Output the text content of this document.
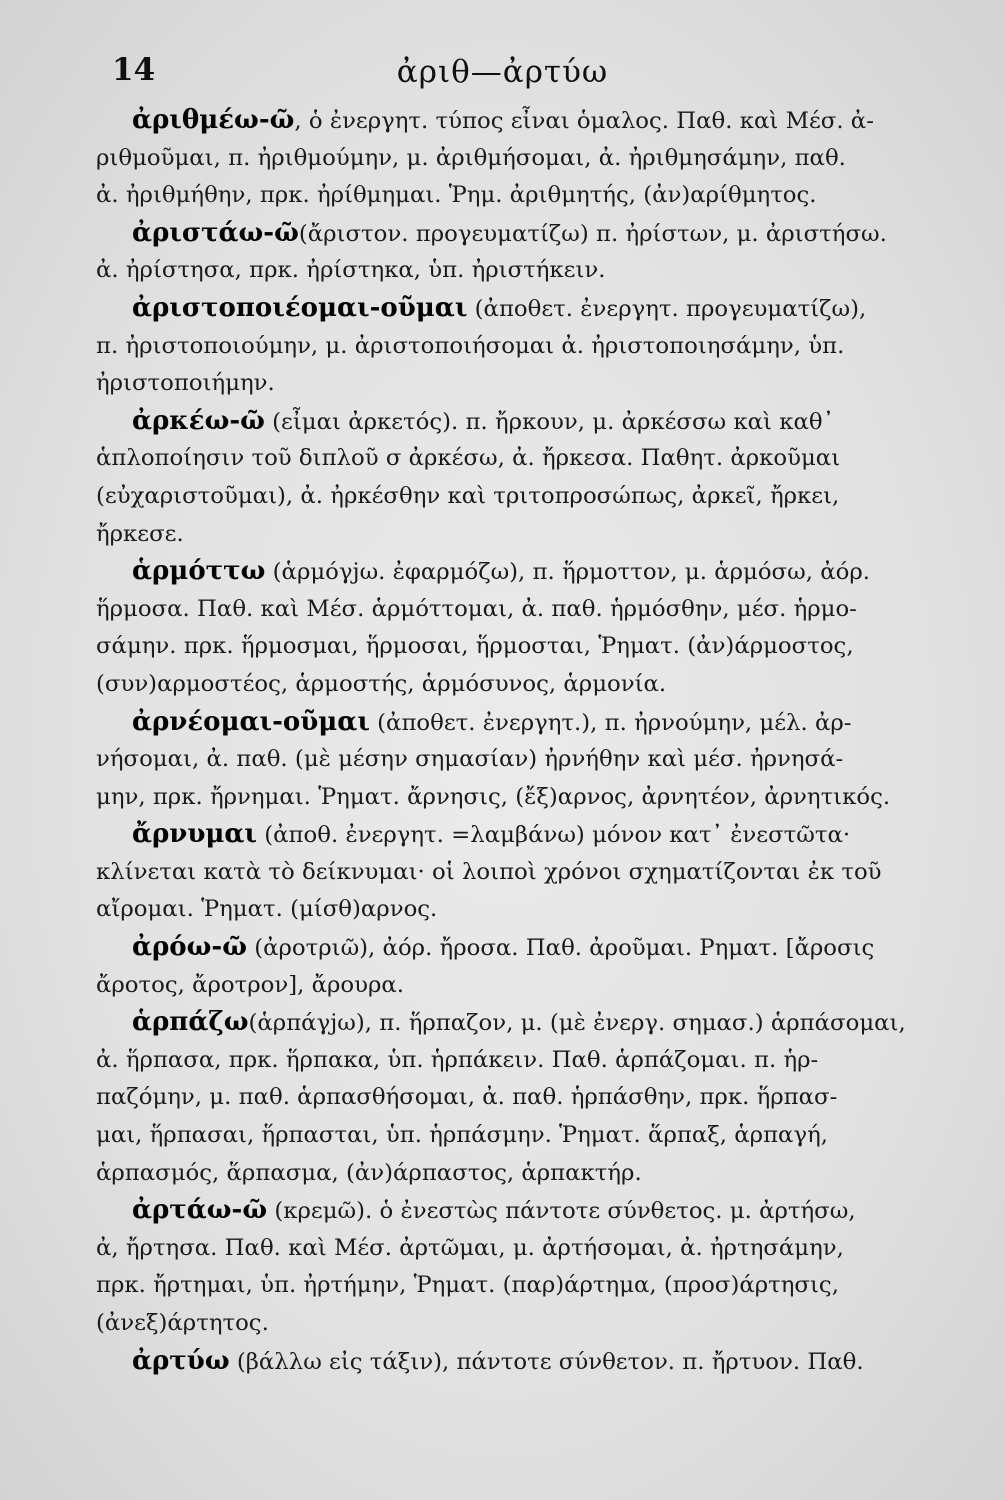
14	ἀριθ—ἀρτύω
ἀριθμέω-ῶ, ὁ ἐνεργητ. τύπος εἶναι ὁμαλος. Παθ. καὶ Μέσ. ἀ-
ριθμοῦμαι, π. ἠριθμούμην, μ. ἀριθμήσομαι, ἀ. ἠριθμησάμην, παθ.
ἀ. ἠριθμήθην, πρκ. ἠρίθμημαι. Ῥημ. ἀριθμητής, (ἀν)αρίθμητος.
ἀριστάω-ῶ(ἄριστον. προγευματίζω) π. ἠρίστων, μ. ἀριστήσω.
ἀ. ἠρίστησα, πρκ. ἠρίστηκα, ὑπ. ἠριστήκειν.
ἀριστοποιέομαι-οῦμαι (ἀποθετ. ἐνεργητ. προγευματίζω),
π. ἠριστοποιούμην, μ. ἀριστοποιήσομαι ἀ. ἠριστοποιησάμην, ὑπ.
ἠριστοποιήμην.
ἀρκέω-ῶ (εἶμαι ἀρκετός). π. ἤρκουν, μ. ἀρκέσσω καὶ καθ᾽
ἁπλοποίησιν τοῦ διπλοῦ σ ἀρκέσω, ἀ. ἤρκεσα. Παθητ. ἀρκοῦμαι
(εὐχαριστοῦμαι), ἀ. ἠρκέσθην καὶ τριτοπροσώπως, ἀρκεῖ, ἤρκει,
ἤρκεσε.
ἁρμόττω (ἁρμόγjω. ἐφαρμόζω), π. ἥρμοττον, μ. ἁρμόσω, ἀόρ.
ἥρμοσα. Παθ. καὶ Μέσ. ἁρμόττομαι, ἀ. παθ. ἡρμόσθην, μέσ. ἡρμο-
σάμην. πρκ. ἥρμοσμαι, ἥρμοσαι, ἥρμοσται, Ῥηματ. (ἀν)άρμοστος,
(συν)αρμοστέος, ἁρμοστής, ἁρμόσυνος, ἁρμονία.
ἀρνέομαι-οῦμαι (ἀποθετ. ἐνεργητ.), π. ἠρνούμην, μέλ. ἀρ-
νήσομαι, ἀ. παθ. (μὲ μέσην σημασίαν) ἠρνήθην καὶ μέσ. ἠρνησά-
μην, πρκ. ἤρνημαι. Ῥηματ. ἄρνησις, (ἔξ)αρνος, ἀρνητέον, ἀρνητικός.
ἄρνυμαι (ἀποθ. ἐνεργητ. =λαμβάνω) μόνον κατ᾽ ἐνεστῶτα·
κλίνεται κατὰ τὸ δείκνυμαι· οἱ λοιποὶ χρόνοι σχηματίζονται ἐκ τοῦ
αἴρομαι. Ῥηματ. (μίσθ)αρνος.
ἀρόω-ῶ (ἀροτριῶ), ἀόρ. ἤροσα. Παθ. ἀροῦμαι. Ρηματ. [ἄροσις
ἄροτος, ἄροτρον], ἄρουρα.
ἁρπάζω(ἁρπάγjω), π. ἥρπαζον, μ. (μὲ ἐνεργ. σημασ.) ἁρπάσομαι,
ἀ. ἥρπασα, πρκ. ἥρπακα, ὑπ. ἡρπάκειν. Παθ. ἁρπάζομαι. π. ἡρ-
παζόμην, μ. παθ. ἁρπασθήσομαι, ἀ. παθ. ἡρπάσθην, πρκ. ἥρπασ-
μαι, ἥρπασαι, ἥρπασται, ὑπ. ἡρπάσμην. Ῥηματ. ἅρπαξ, ἁρπαγή,
ἁρπασμός, ἅρπασμα, (ἀν)άρπαστος, ἁρπακτήρ.
ἀρτάω-ῶ (κρεμῶ). ὁ ἐνεστὼς πάντοτε σύνθετος. μ. ἀρτήσω,
ἀ, ἤρτησα. Παθ. καὶ Μέσ. ἀρτῶμαι, μ. ἀρτήσομαι, ἀ. ἠρτησάμην,
πρκ. ἤρτημαι, ὑπ. ἠρτήμην, Ῥηματ. (παρ)άρτημα, (προσ)άρτησις,
(ἀνεξ)άρτητος.
ἀρτύω (βάλλω εἰς τάξιν), πάντοτε σύνθετον. π. ἤρτυον. Παθ.
